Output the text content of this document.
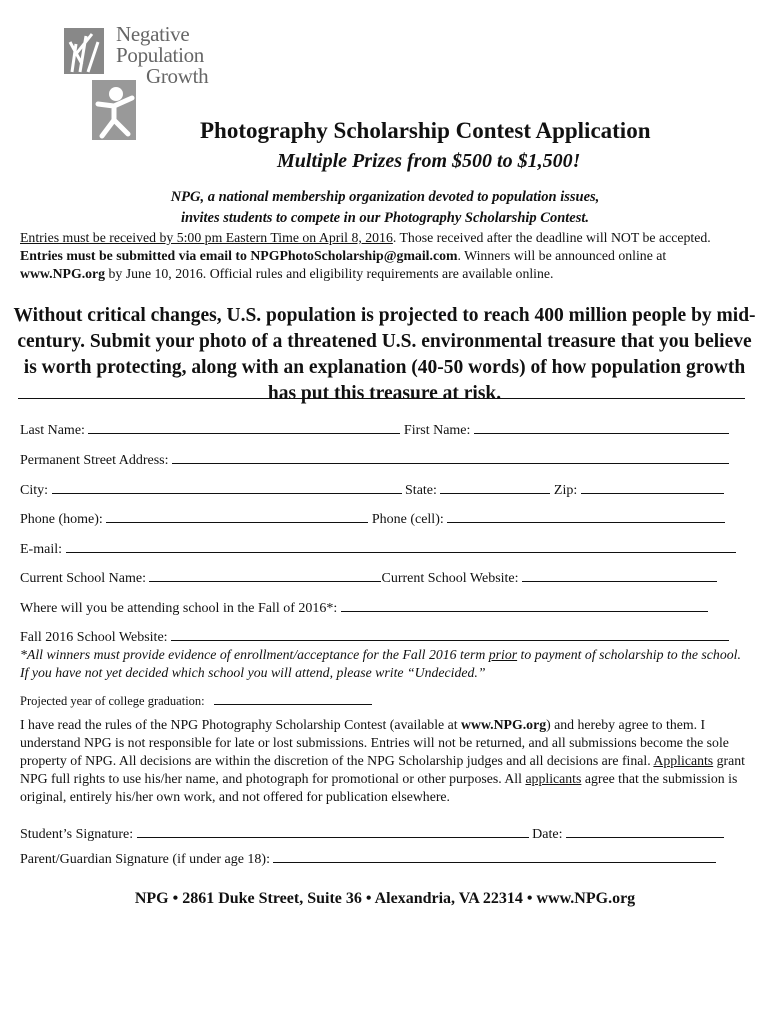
Negative
Population
Growth
Photography Scholarship Contest Application
Multiple Prizes from $500 to $1,500!
NPG, a national membership organization devoted to population issues,
invites students to compete in our Photography Scholarship Contest.
Entries must be received by 5:00 pm Eastern Time on April 8, 2016. Those received after the deadline will NOT be accepted. Entries must be submitted via email to NPGPhotoScholarship@gmail.com. Winners will be announced online at www.NPG.org by June 10, 2016. Official rules and eligibility requirements are available online.
Without critical changes, U.S. population is projected to reach 400 million people by mid-century. Submit your photo of a threatened U.S. environmental treasure that you believe is worth protecting, along with an explanation (40-50 words) of how population growth has put this treasure at risk.
Last Name:	First Name:
Permanent Street Address:
City:	State:	Zip:
Phone (home):	Phone (cell):
E-mail:
Current School Name:	Current School Website:
Where will you be attending school in the Fall of 2016*:
Fall 2016 School Website:
*All winners must provide evidence of enrollment/acceptance for the Fall 2016 term prior to payment of scholarship to the school. If you have not yet decided which school you will attend, please write “Undecided.”
Projected year of college graduation:
I have read the rules of the NPG Photography Scholarship Contest (available at www.NPG.org) and hereby agree to them. I understand NPG is not responsible for late or lost submissions. Entries will not be returned, and all submissions become the sole property of NPG. All decisions are within the discretion of the NPG Scholarship judges and all decisions are final. Applicants grant NPG full rights to use his/her name, and photograph for promotional or other purposes. All applicants agree that the submission is original, entirely his/her own work, and not offered for publication elsewhere.
Student’s Signature:	Date:
Parent/Guardian Signature (if under age 18):
NPG • 2861 Duke Street, Suite 36 • Alexandria, VA 22314 • www.NPG.org
